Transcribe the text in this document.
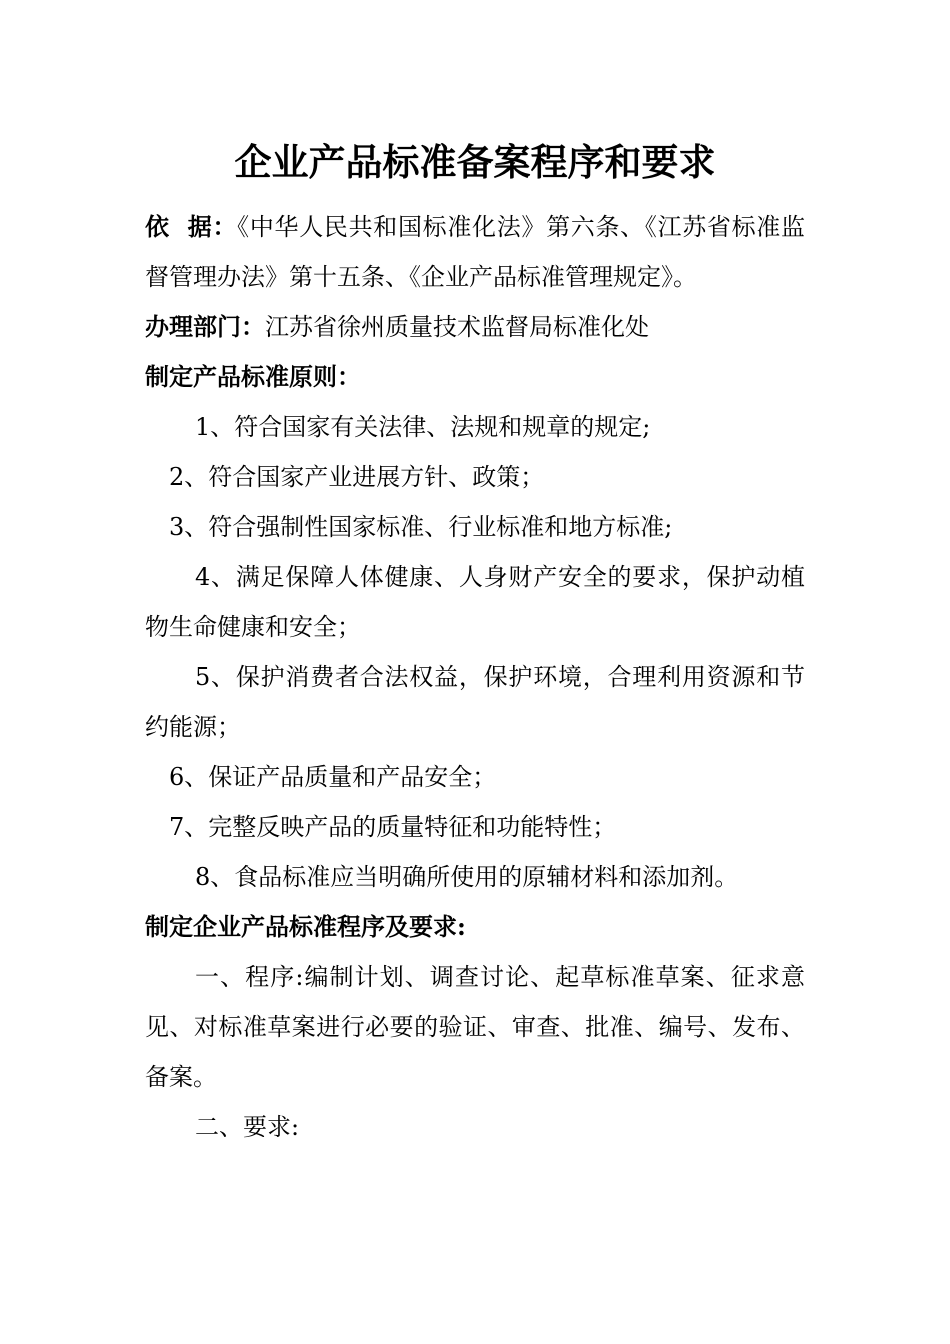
企业产品标准备案程序和要求

依  据：《中华人民共和国标准化法》第六条、《江苏省标准监督管理办法》第十五条、《企业产品标准管理规定》。

办理部门：江苏省徐州质量技术监督局标准化处

制定产品标准原则：

1、符合国家有关法律、法规和规章的规定;

2、符合国家产业进展方针、政策；

3、符合强制性国家标准、行业标准和地方标准;

4、满足保障人体健康、人身财产安全的要求，保护动植物生命健康和安全；

5、保护消费者合法权益，保护环境，合理利用资源和节约能源；

6、保证产品质量和产品安全；

7、完整反映产品的质量特征和功能特性；

8、食品标准应当明确所使用的原辅材料和添加剂。

制定企业产品标准程序及要求:

一、程序:编制计划、调查讨论、起草标准草案、征求意见、对标准草案进行必要的验证、审查、批准、编号、发布、备案。

二、要求:
